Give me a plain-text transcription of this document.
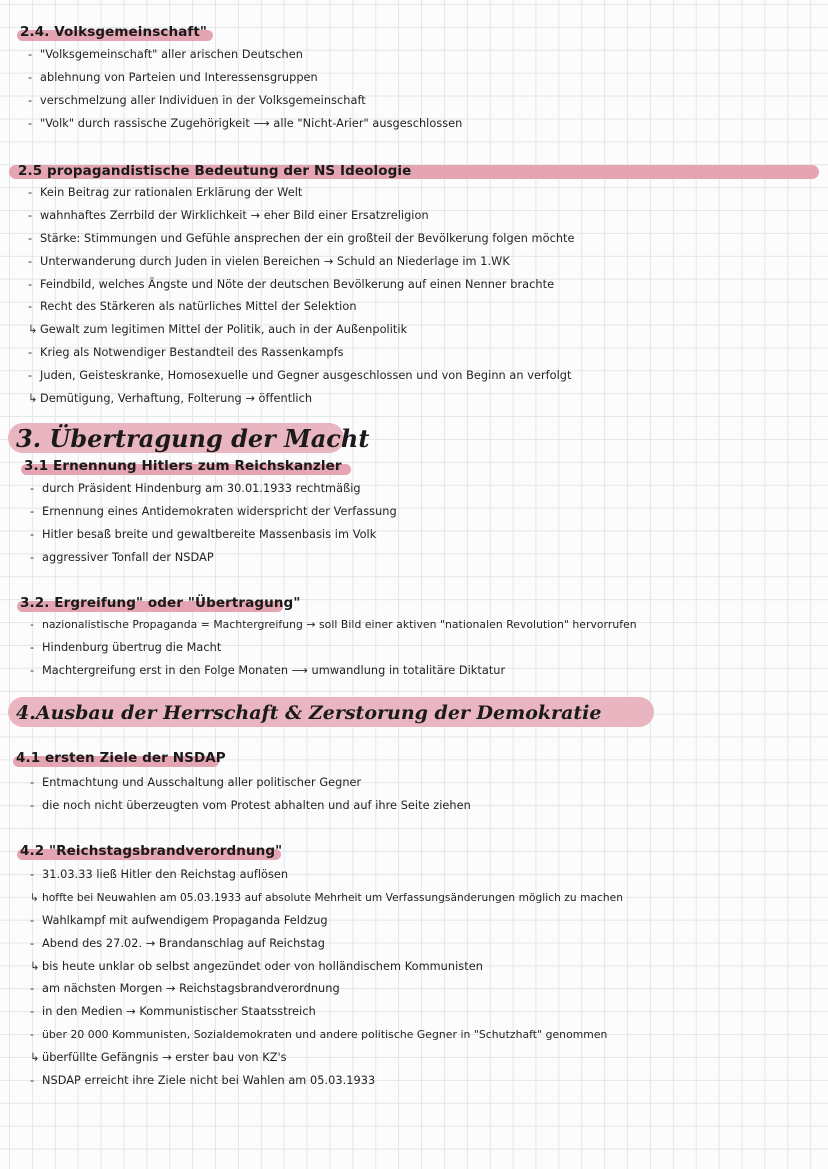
2.4. Volksgemeinschaft"
- "Volksgemeinschaft" aller arischen Deutschen
- ablehnung von Parteien und Interessensgruppen
- verschmelzung aller Individuen in der Volksgemeinschaft
- "Volk" durch rassische Zugehörigkeit ⟶ alle "Nicht-Arier" ausgeschlossen
2.5 propagandistische Bedeutung der NS Ideologie
- Kein Beitrag zur rationalen Erklärung der Welt
- wahnhaftes Zerrbild der Wirklichkeit → eher Bild einer Ersatzreligion
- Stärke: Stimmungen und Gefühle ansprechen der ein großteil der Bevölkerung folgen möchte
- Unterwanderung durch Juden in vielen Bereichen → Schuld an Niederlage im 1.WK
- Feindbild, welches Ängste und Nöte der deutschen Bevölkerung auf einen Nenner brachte
- Recht des Stärkeren als natürliches Mittel der Selektion
↳ Gewalt zum legitimen Mittel der Politik, auch in der Außenpolitik
- Krieg als Notwendiger Bestandteil des Rassenkampfs
- Juden, Geisteskranke, Homosexuelle und Gegner ausgeschlossen und von Beginn an verfolgt
↳ Demütigung, Verhaftung, Folterung → öffentlich
3. Übertragung der Macht
3.1 Ernennung Hitlers zum Reichskanzler
- durch Präsident Hindenburg am 30.01.1933 rechtmäßig
- Ernennung eines Antidemokraten widerspricht der Verfassung
- Hitler besaß breite und gewaltbereite Massenbasis im Volk
- aggressiver Tonfall der NSDAP
3.2. Ergreifung" oder "Übertragung"
- nazionalistische Propaganda = Machtergreifung → soll Bild einer aktiven "nationalen Revolution" hervorrufen
- Hindenburg übertrug die Macht
- Machtergreifung erst in den Folge Monaten ⟶ umwandlung in totalitäre Diktatur
4.Ausbau der Herrschaft & Zerstorung der Demokratie
4.1 ersten Ziele der NSDAP
- Entmachtung und Ausschaltung aller politischer Gegner
- die noch nicht überzeugten vom Protest abhalten und auf ihre Seite ziehen
4.2 "Reichstagsbrandverordnung"
- 31.03.33 ließ Hitler den Reichstag auflösen
↳ hoffte bei Neuwahlen am 05.03.1933 auf absolute Mehrheit um Verfassungsänderungen möglich zu machen
- Wahlkampf mit aufwendigem Propaganda Feldzug
- Abend des 27.02. → Brandanschlag auf Reichstag
↳ bis heute unklar ob selbst angezündet oder von holländischem Kommunisten
- am nächsten Morgen → Reichstagsbrandverordnung
- in den Medien → Kommunistischer Staatsstreich
- über 20 000 Kommunisten, Sozialdemokraten und andere politische Gegner in "Schutzhaft" genommen
↳ überfüllte Gefängnis → erster bau von KZ's
- NSDAP erreicht ihre Ziele nicht bei Wahlen am 05.03.1933
